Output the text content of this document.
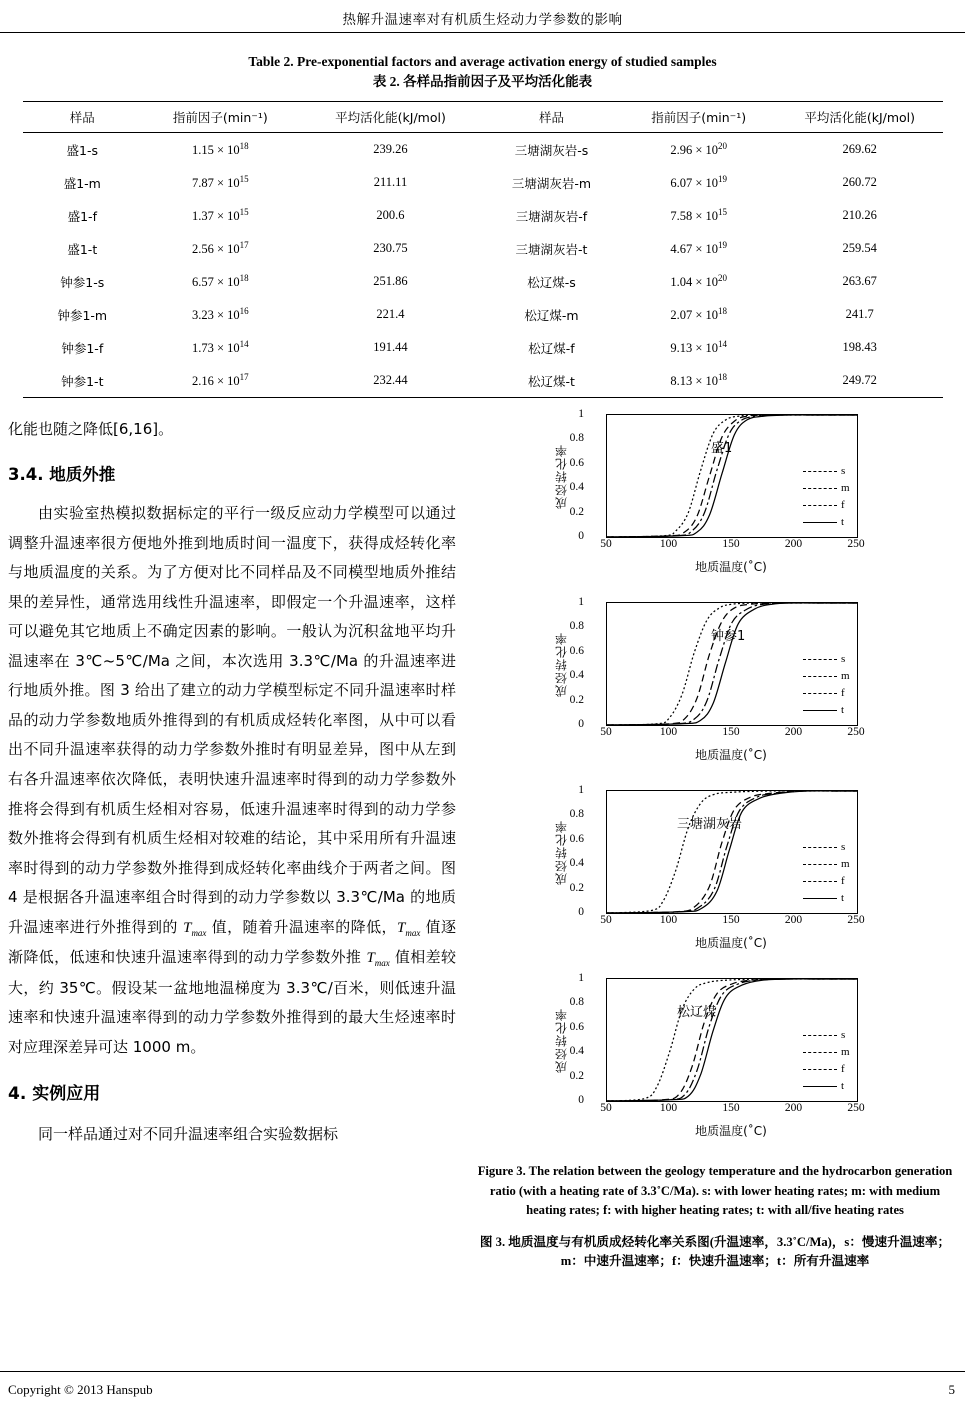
热解升温速率对有机质生烃动力学参数的影响
Table 2. Pre-exponential factors and average activation energy of studied samples
表 2. 各样品指前因子及平均活化能表
样品	指前因子(min⁻¹)	平均活化能(kJ/mol)	样品	指前因子(min⁻¹)	平均活化能(kJ/mol)
盛1-s	$1.15 \times 10^{18}$	239.26	三塘湖灰岩-s	$2.96 \times 10^{20}$	269.62
盛1-m	$7.87 \times 10^{15}$	211.11	三塘湖灰岩-m	$6.07 \times 10^{19}$	260.72
盛1-f	$1.37 \times 10^{15}$	200.6	三塘湖灰岩-f	$7.58 \times 10^{15}$	210.26
盛1-t	$2.56 \times 10^{17}$	230.75	三塘湖灰岩-t	$4.67 \times 10^{19}$	259.54
钟参1-s	$6.57 \times 10^{18}$	251.86	松辽煤-s	$1.04 \times 10^{20}$	263.67
钟参1-m	$3.23 \times 10^{16}$	221.4	松辽煤-m	$2.07 \times 10^{18}$	241.7
钟参1-f	$1.73 \times 10^{14}$	191.44	松辽煤-f	$9.13 \times 10^{14}$	198.43
钟参1-t	$2.16 \times 10^{17}$	232.44	松辽煤-t	$8.13 \times 10^{18}$	249.72

化能也随之降低[6,16]。

3.4. 地质外推

由实验室热模拟数据标定的平行一级反应动力学模型可以通过调整升温速率很方便地外推到地质时间一温度下，获得成烃转化率与地质温度的关系。为了方便对比不同样品及不同模型地质外推结果的差异性，通常选用线性升温速率，即假定一个升温速率，这样可以避免其它地质上不确定因素的影响。一般认为沉积盆地平均升温速率在 3℃~5℃/Ma 之间，本次选用 3.3℃/Ma 的升温速率进行地质外推。图 3 给出了建立的动力学模型标定不同升温速率时样品的动力学参数地质外推得到的有机质成烃转化率图，从中可以看出不同升温速率获得的动力学参数外推时有明显差异，图中从左到右各升温速率依次降低，表明快速升温速率时得到的动力学参数外推将会得到有机质生烃相对容易，低速升温速率时得到的动力学参数外推将会得到有机质生烃相对较难的结论，其中采用所有升温速率时得到的动力学参数外推得到成烃转化率曲线介于两者之间。图 4 是根据各升温速率组合时得到的动力学参数以 3.3℃/Ma 的地质升温速率进行外推得到的 $T_{max}$ 值，随着升温速率的降低，$T_{max}$ 值逐渐降低，低速和快速升温速率得到的动力学参数外推 $T_{max}$ 值相差较大，约 35℃。假设某一盆地地温梯度为 3.3℃/百米，则低速升温速率和快速升温速率得到的动力学参数外推得到的最大生烃速率时对应理深差异可达 1000 m。

4. 实例应用

同一样品通过对不同升温速率组合实验数据标

成烃转化率
0
0.2
0.4
0.6
0.8
1
50	100	150	200	250
盛1
s
m
f
t
地质温度(˚C)
成烃转化率
0
0.2
0.4
0.6
0.8
1
50	100	150	200	250
钟参1
s
m
f
t
地质温度(˚C)
成烃转化率
0
0.2
0.4
0.6
0.8
1
50	100	150	200	250
三塘湖灰岩
s
m
f
t
地质温度(˚C)
成烃转化率
0
0.2
0.4
0.6
0.8
1
50	100	150	200	250
松辽煤
s
m
f
t
地质温度(˚C)
Figure 3. The relation between the geology temperature and the hydrocarbon generation ratio (with a heating rate of 3.3˚C/Ma). s: with lower heating rates; m: with medium heating rates; f: with higher heating rates; t: with all/five heating rates
图 3. 地质温度与有机质成烃转化率关系图(升温速率，3.3˚C/Ma)，s：慢速升温速率；m：中速升温速率；f：快速升温速率；t：所有升温速率
Copyright © 2013 Hanspub	5
